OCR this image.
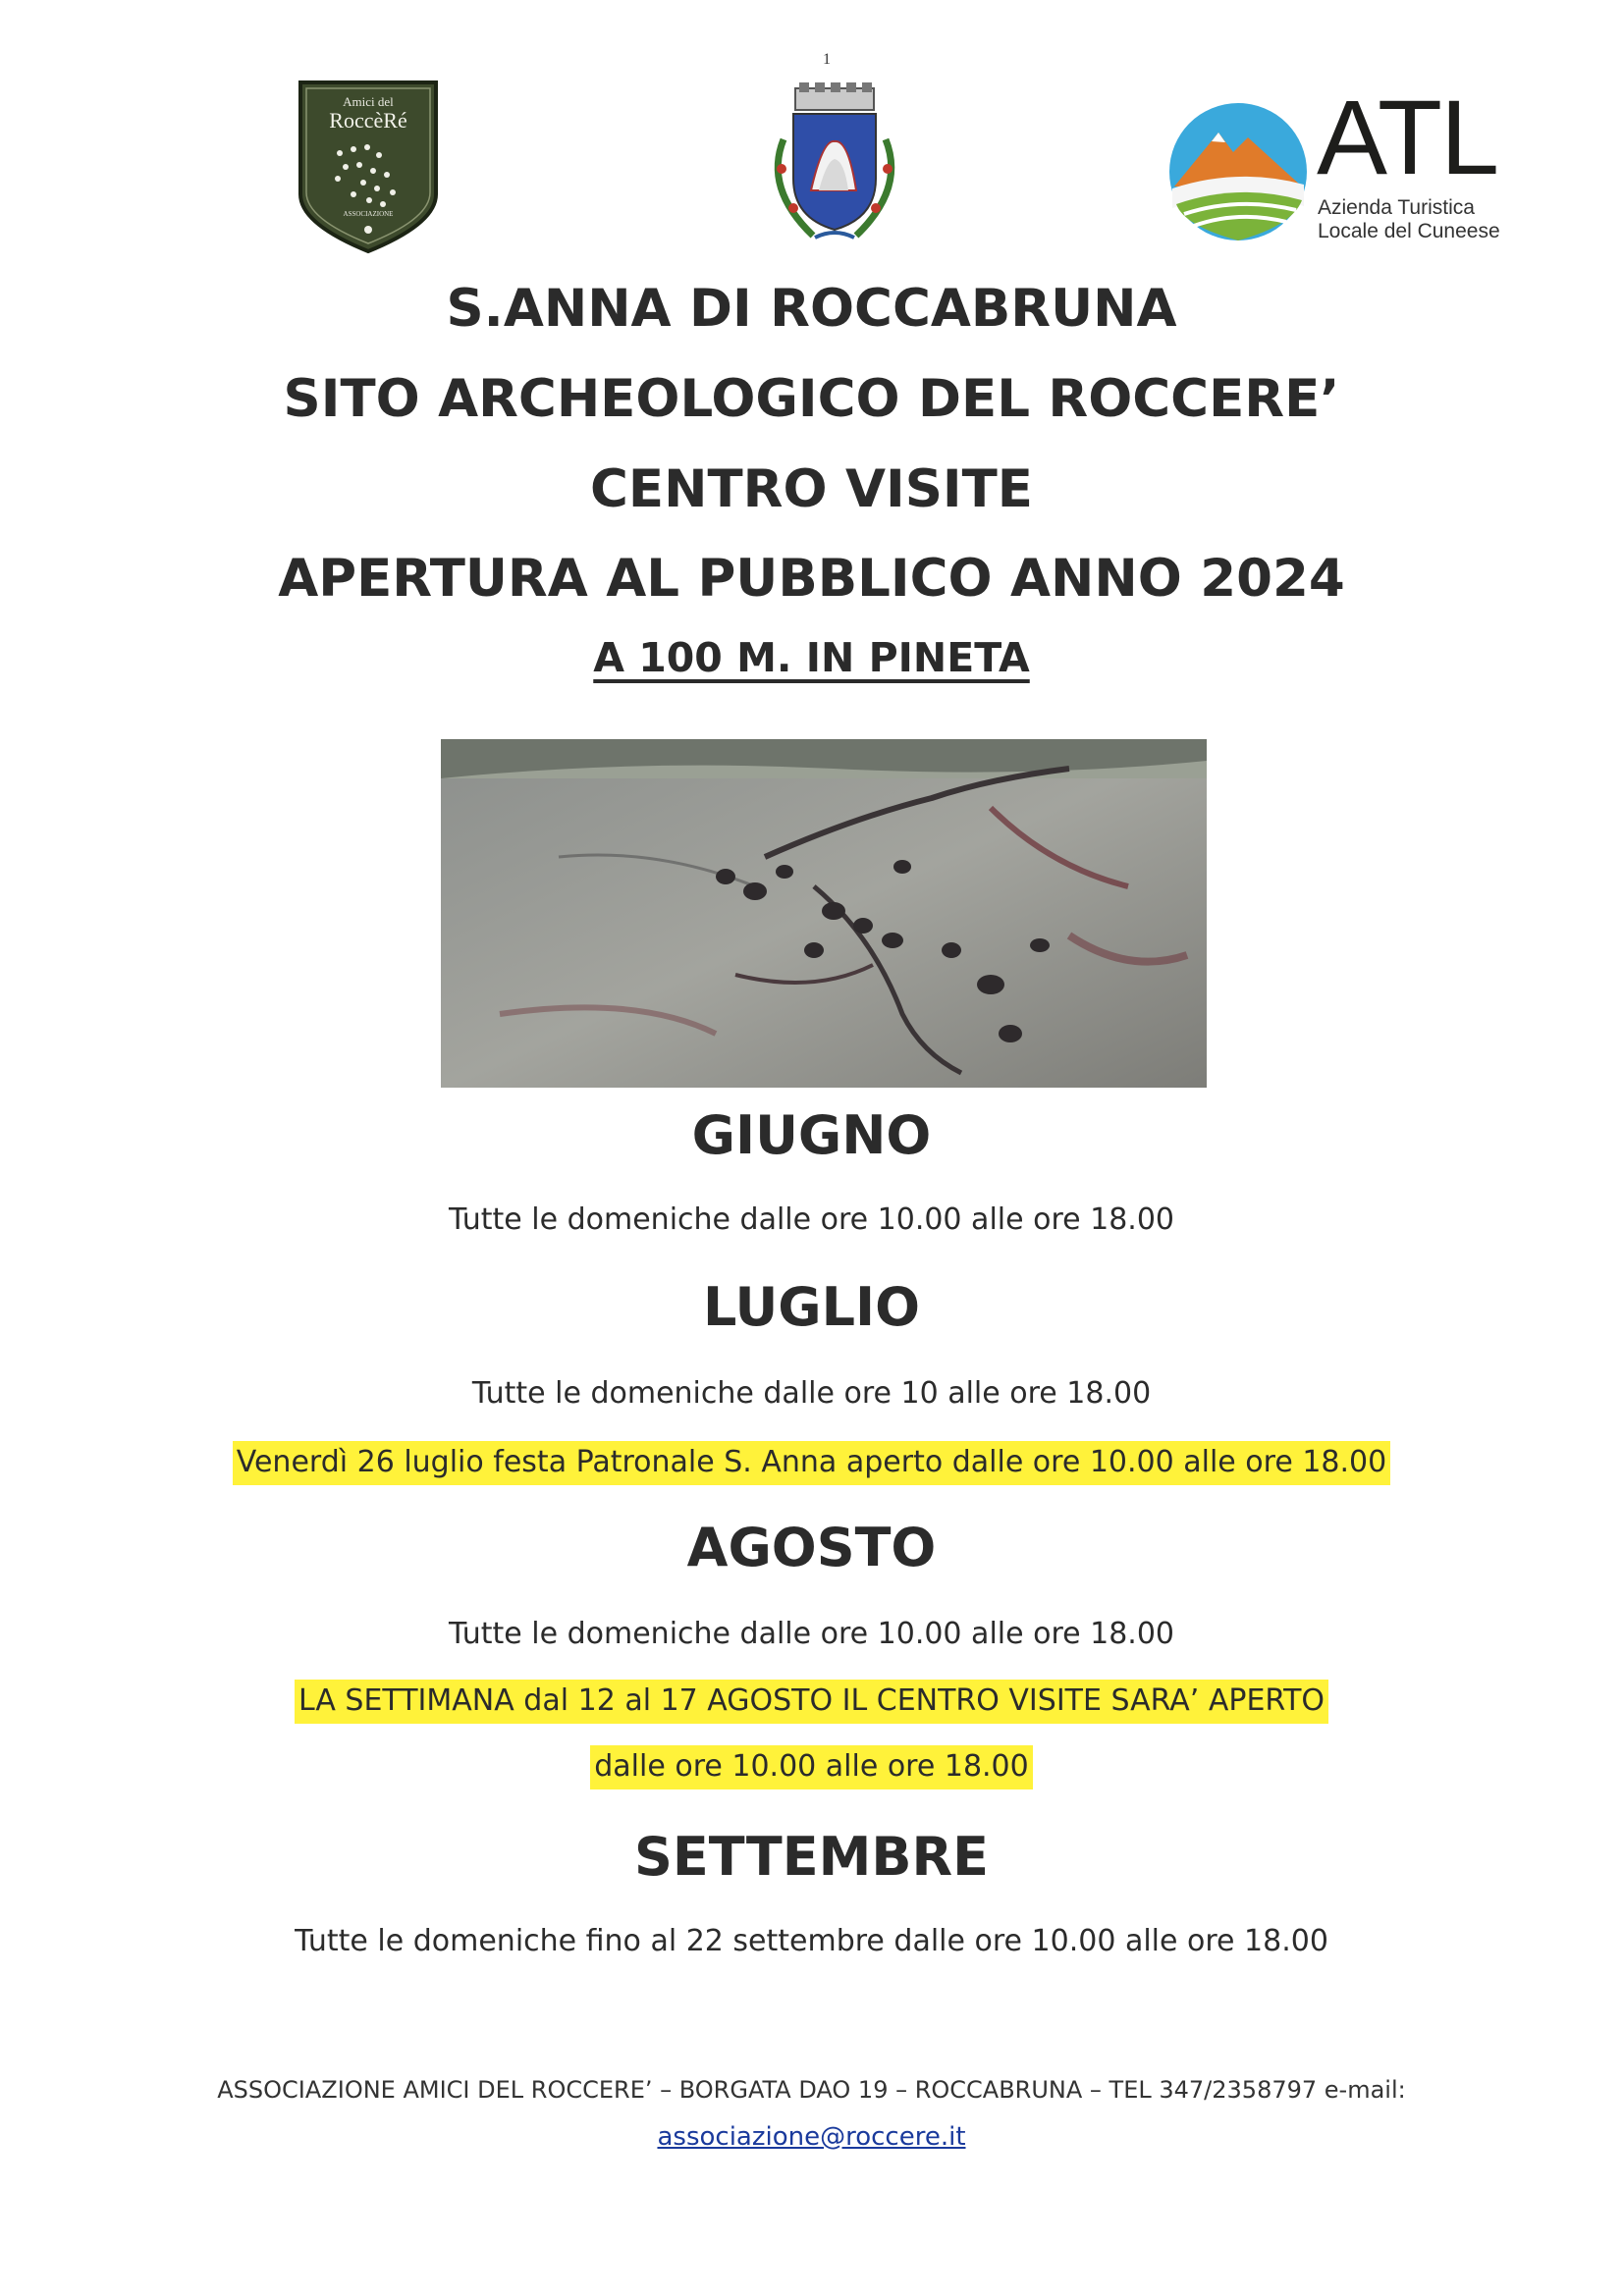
1
Amici del
RoccèRé
ASSOCIAZIONE
ATL
Azienda Turistica
Locale del Cuneese
S.ANNA DI ROCCABRUNA
SITO ARCHEOLOGICO DEL ROCCERE’
CENTRO VISITE
APERTURA AL PUBBLICO ANNO 2024
A 100 M. IN PINETA
GIUGNO
Tutte le domeniche dalle ore 10.00 alle ore 18.00
LUGLIO
Tutte le domeniche dalle ore 10 alle ore 18.00
Venerdì 26 luglio festa Patronale S. Anna aperto dalle ore 10.00 alle ore 18.00
AGOSTO
Tutte le domeniche dalle ore 10.00 alle ore 18.00
LA SETTIMANA dal 12 al 17 AGOSTO IL CENTRO VISITE SARA’ APERTO
dalle ore 10.00 alle ore 18.00
SETTEMBRE
Tutte le domeniche fino al 22 settembre dalle ore 10.00 alle ore 18.00
ASSOCIAZIONE AMICI DEL ROCCERE’ – BORGATA DAO 19 – ROCCABRUNA – TEL 347/2358797 e-mail:
associazione@roccere.it
